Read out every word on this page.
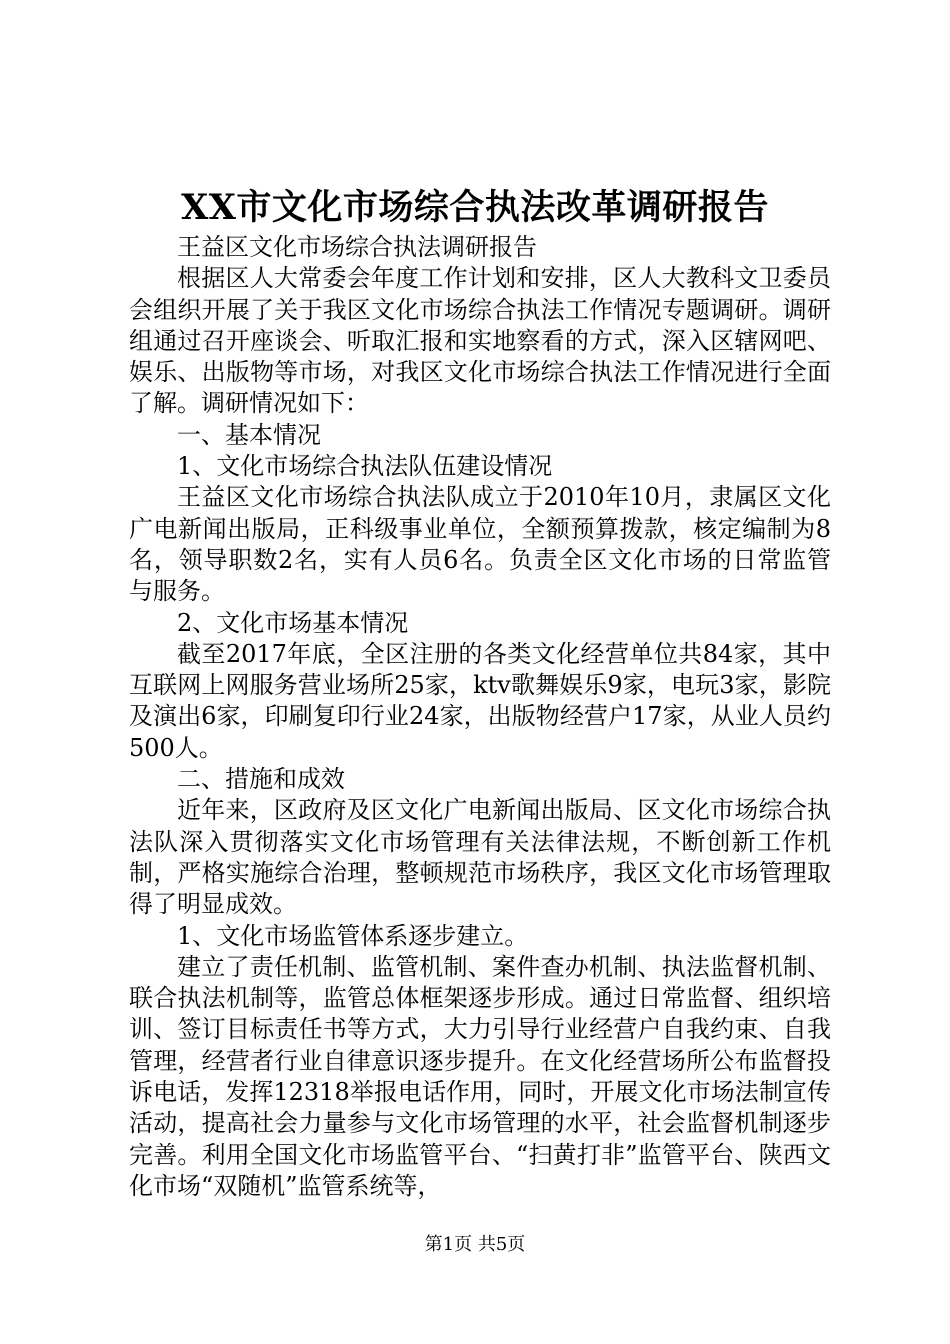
XX市文化市场综合执法改革调研报告

王益区文化市场综合执法调研报告

根据区人大常委会年度工作计划和安排，区人大教科文卫委员会组织开展了关于我区文化市场综合执法工作情况专题调研。调研组通过召开座谈会、听取汇报和实地察看的方式，深入区辖网吧、娱乐、出版物等市场，对我区文化市场综合执法工作情况进行全面了解。调研情况如下：

一、基本情况

1、文化市场综合执法队伍建设情况

王益区文化市场综合执法队成立于2010年10月，隶属区文化广电新闻出版局，正科级事业单位，全额预算拨款，核定编制为8名，领导职数2名，实有人员6名。负责全区文化市场的日常监管与服务。

2、文化市场基本情况

截至2017年底，全区注册的各类文化经营单位共84家，其中互联网上网服务营业场所25家，ktv歌舞娱乐9家，电玩3家，影院及演出6家，印刷复印行业24家，出版物经营户17家，从业人员约500人。

二、措施和成效

近年来，区政府及区文化广电新闻出版局、区文化市场综合执法队深入贯彻落实文化市场管理有关法律法规，不断创新工作机制，严格实施综合治理，整顿规范市场秩序，我区文化市场管理取得了明显成效。

1、文化市场监管体系逐步建立。

建立了责任机制、监管机制、案件查办机制、执法监督机制、联合执法机制等，监管总体框架逐步形成。通过日常监督、组织培训、签订目标责任书等方式，大力引导行业经营户自我约束、自我管理，经营者行业自律意识逐步提升。在文化经营场所公布监督投诉电话，发挥12318举报电话作用，同时，开展文化市场法制宣传活动，提高社会力量参与文化市场管理的水平，社会监督机制逐步完善。利用全国文化市场监管平台、“扫黄打非”监管平台、陕西文化市场“双随机”监管系统等，

第1页 共5页
